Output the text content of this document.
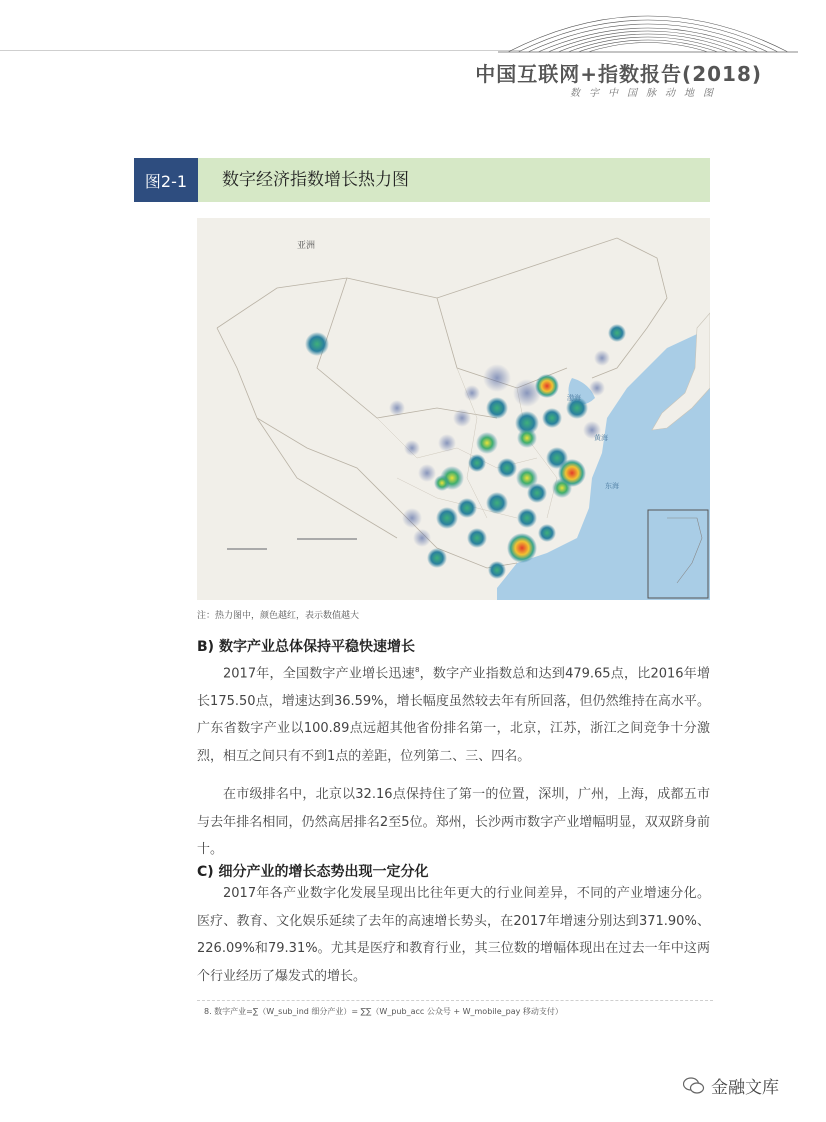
中国互联网+指数报告(2018)
数字中国脉动地图
图2-1	数字经济指数增长热力图
亚洲
渤海
黄海
东海
注：热力图中，颜色越红，表示数值越大
B) 数字产业总体保持平稳快速增长

2017年，全国数字产业增长迅速$^8$，数字产业指数总和达到479.65点，比2016年增长175.50点，增速达到36.59%，增长幅度虽然较去年有所回落，但仍然维持在高水平。广东省数字产业以100.89点远超其他省份排名第一，北京，江苏，浙江之间竞争十分激烈，相互之间只有不到1点的差距，位列第二、三、四名。

在市级排名中，北京以32.16点保持住了第一的位置，深圳，广州，上海，成都五市与去年排名相同，仍然高居排名2至5位。郑州，长沙两市数字产业增幅明显，双双跻身前十。

C) 细分产业的增长态势出现一定分化

2017年各产业数字化发展呈现出比往年更大的行业间差异，不同的产业增速分化。医疗、教育、文化娱乐延续了去年的高速增长势头，在2017年增速分别达到371.90%、226.09%和79.31%。尤其是医疗和教育行业，其三位数的增幅体现出在过去一年中这两个行业经历了爆发式的增长。

8. 数字产业=∑（W_sub_ind 细分产业）= ∑∑（W_pub_acc 公众号 + W_mobile_pay 移动支付）
金融文库
